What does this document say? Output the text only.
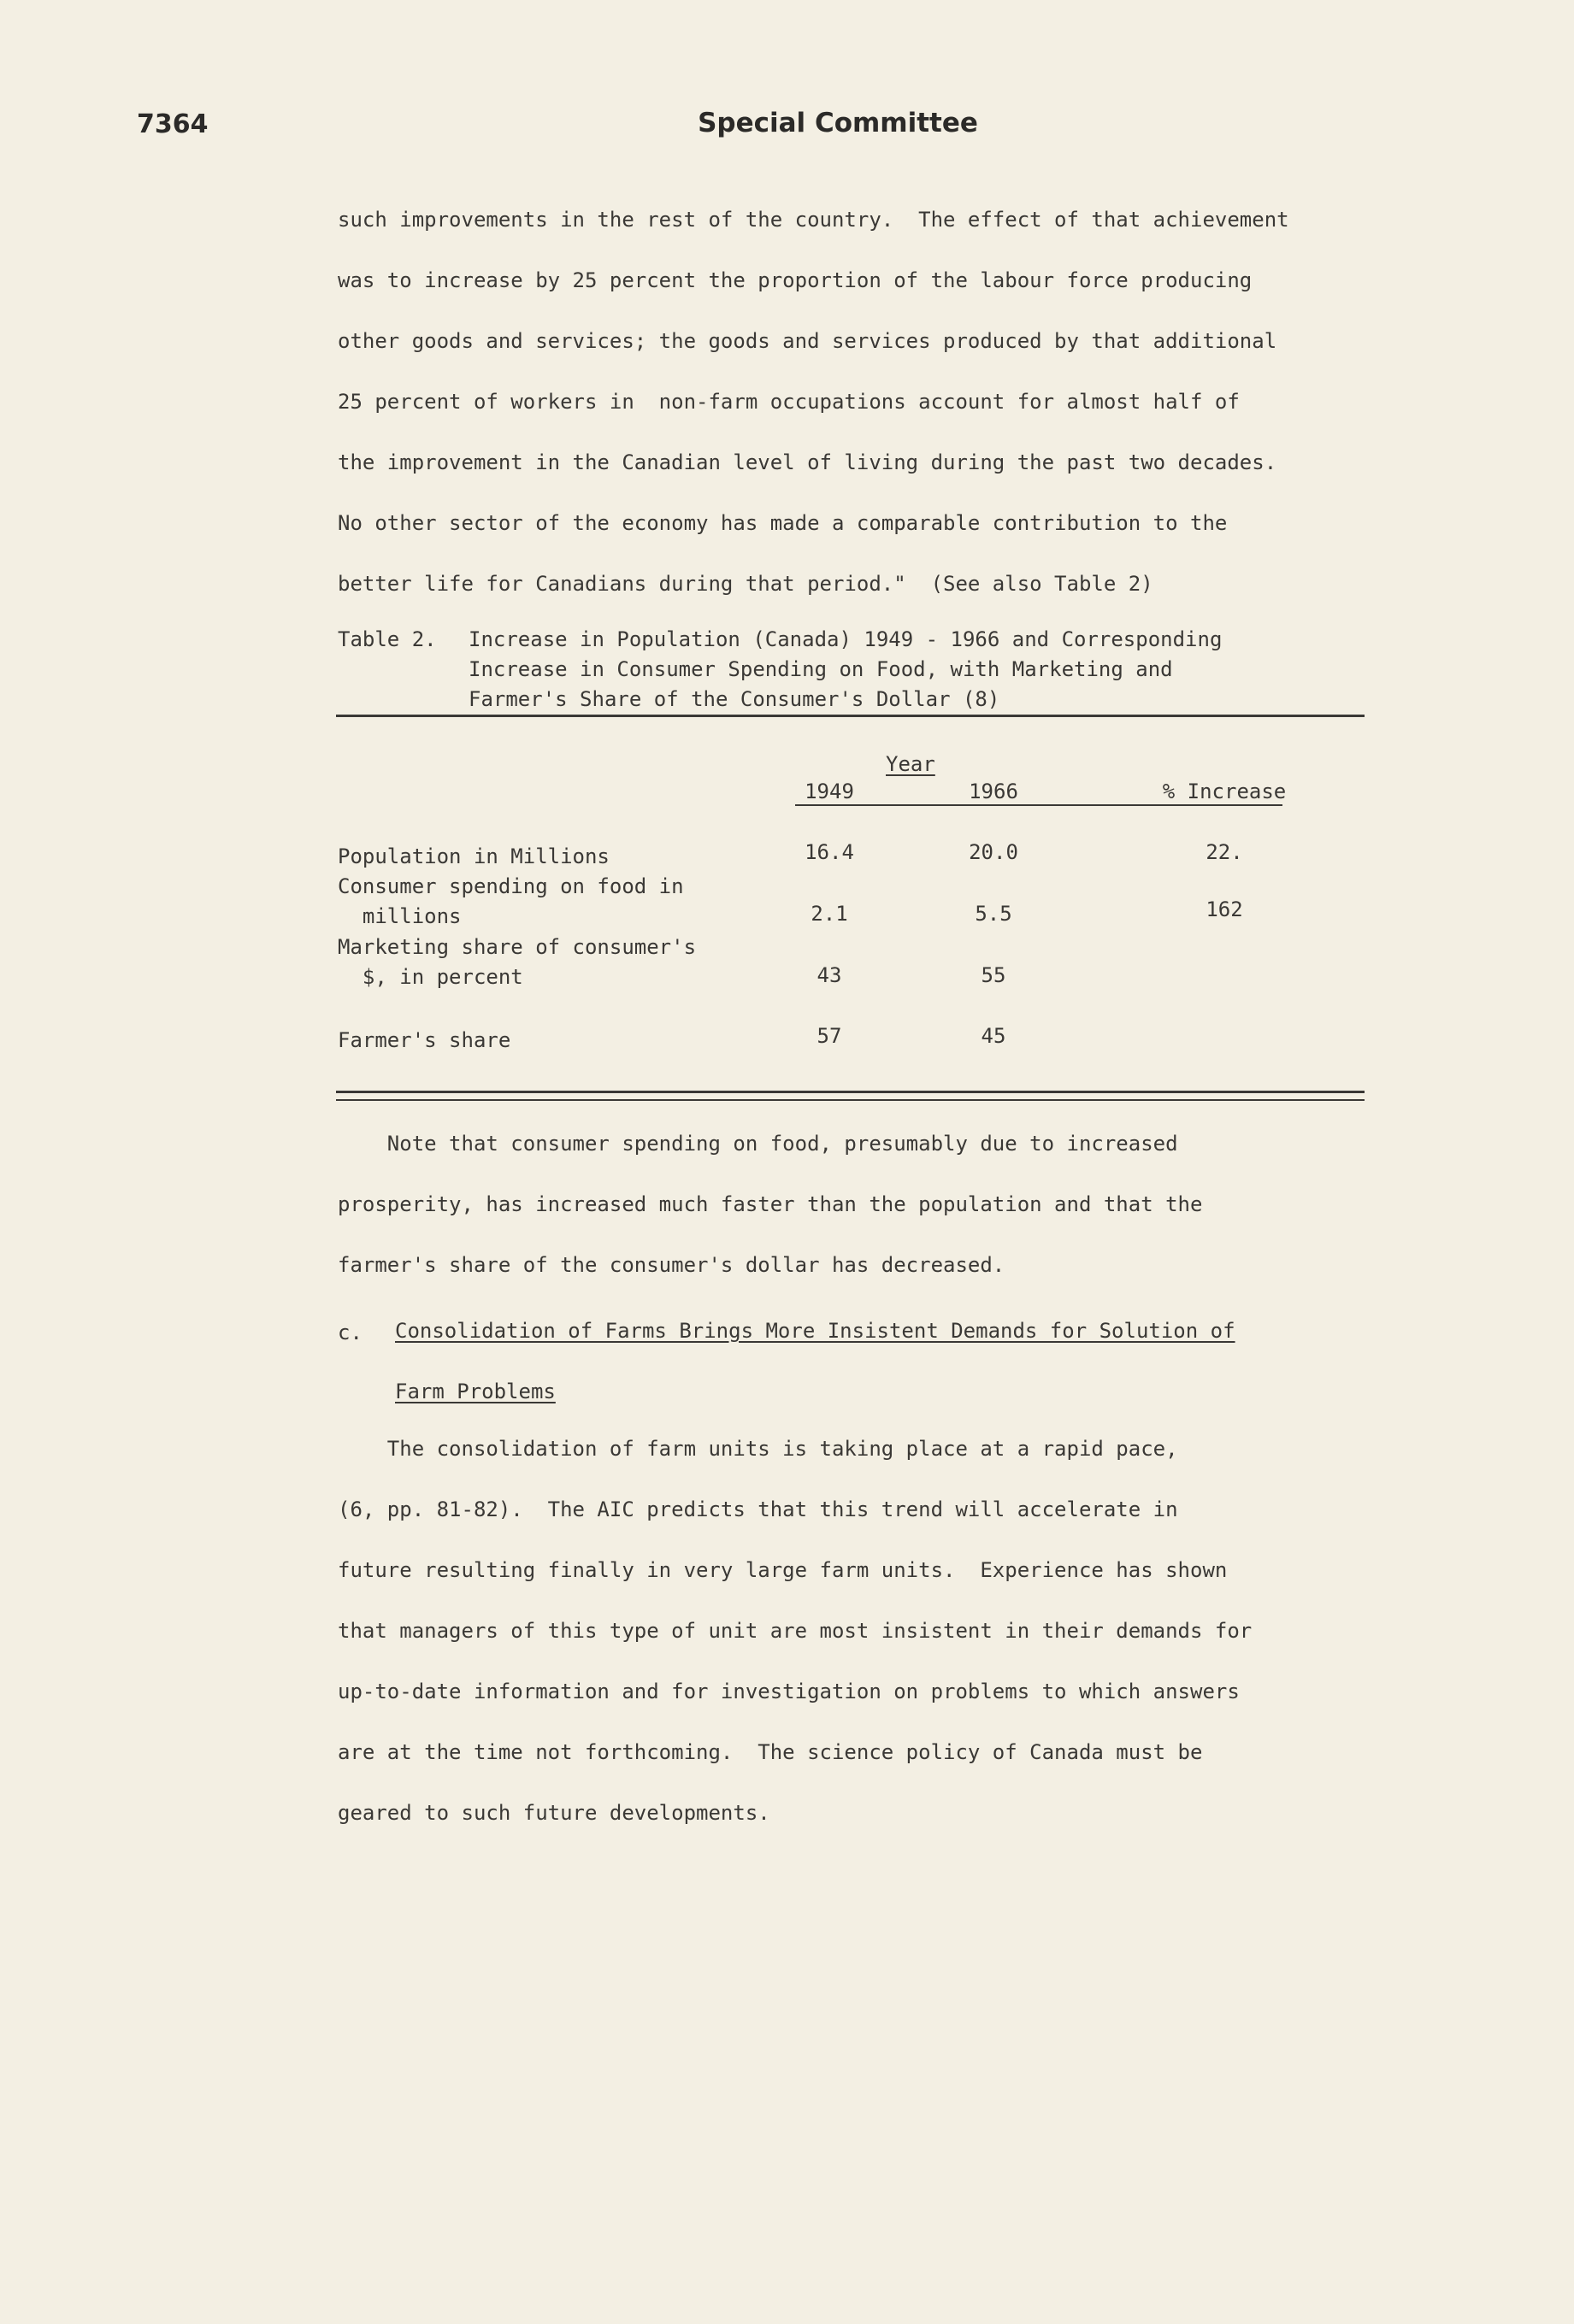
7364	Special Committee
such improvements in the rest of the country.  The effect of that achievement
was to increase by 25 percent the proportion of the labour force producing
other goods and services; the goods and services produced by that additional
25 percent of workers in  non-farm occupations account for almost half of
the improvement in the Canadian level of living during the past two decades.
No other sector of the economy has made a comparable contribution to the
better life for Canadians during that period."  (See also Table 2)
Table 2. Increase in Population (Canada) 1949 - 1966 and Corresponding
Increase in Consumer Spending on Food, with Marketing and
Farmer's Share of the Consumer's Dollar (8)
Year
1949	1966	% Increase
Population in Millions	16.4	20.0	22.
Consumer spending on food in
millions	2.1	5.5	162
Marketing share of consumer's
$, in percent	43	55
Farmer's share	57	45
Note that consumer spending on food, presumably due to increased
prosperity, has increased much faster than the population and that the
farmer's share of the consumer's dollar has decreased.
c. Consolidation of Farms Brings More Insistent Demands for Solution of
Farm Problems
The consolidation of farm units is taking place at a rapid pace,
(6, pp. 81-82).  The AIC predicts that this trend will accelerate in
future resulting finally in very large farm units.  Experience has shown
that managers of this type of unit are most insistent in their demands for
up-to-date information and for investigation on problems to which answers
are at the time not forthcoming.  The science policy of Canada must be
geared to such future developments.
